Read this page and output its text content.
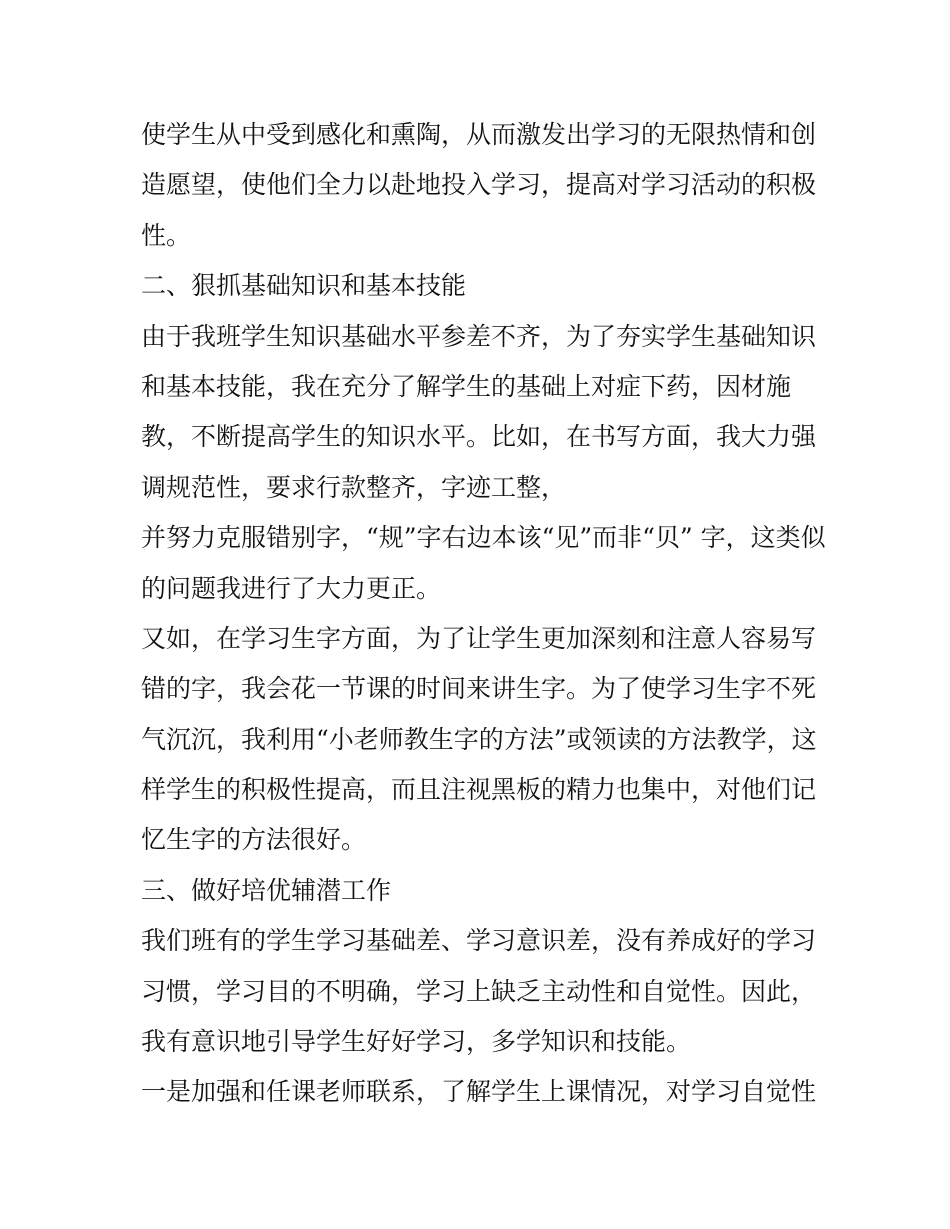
使学生从中受到感化和熏陶，从而激发出学习的无限热情和创
造愿望，使他们全力以赴地投入学习，提高对学习活动的积极
性。
二、狠抓基础知识和基本技能
由于我班学生知识基础水平参差不齐，为了夯实学生基础知识
和基本技能，我在充分了解学生的基础上对症下药，因材施
教，不断提高学生的知识水平。比如，在书写方面，我大力强
调规范性，要求行款整齐，字迹工整，
并努力克服错别字，“规”字右边本该“见”而非“贝” 字，这类似
的问题我进行了大力更正。
又如，在学习生字方面，为了让学生更加深刻和注意人容易写
错的字，我会花一节课的时间来讲生字。为了使学习生字不死
气沉沉，我利用“小老师教生字的方法”或领读的方法教学，这
样学生的积极性提高，而且注视黑板的精力也集中，对他们记
忆生字的方法很好。
三、做好培优辅潜工作
我们班有的学生学习基础差、学习意识差，没有养成好的学习
习惯，学习目的不明确，学习上缺乏主动性和自觉性。因此，
我有意识地引导学生好好学习，多学知识和技能。
一是加强和任课老师联系，了解学生上课情况，对学习自觉性
